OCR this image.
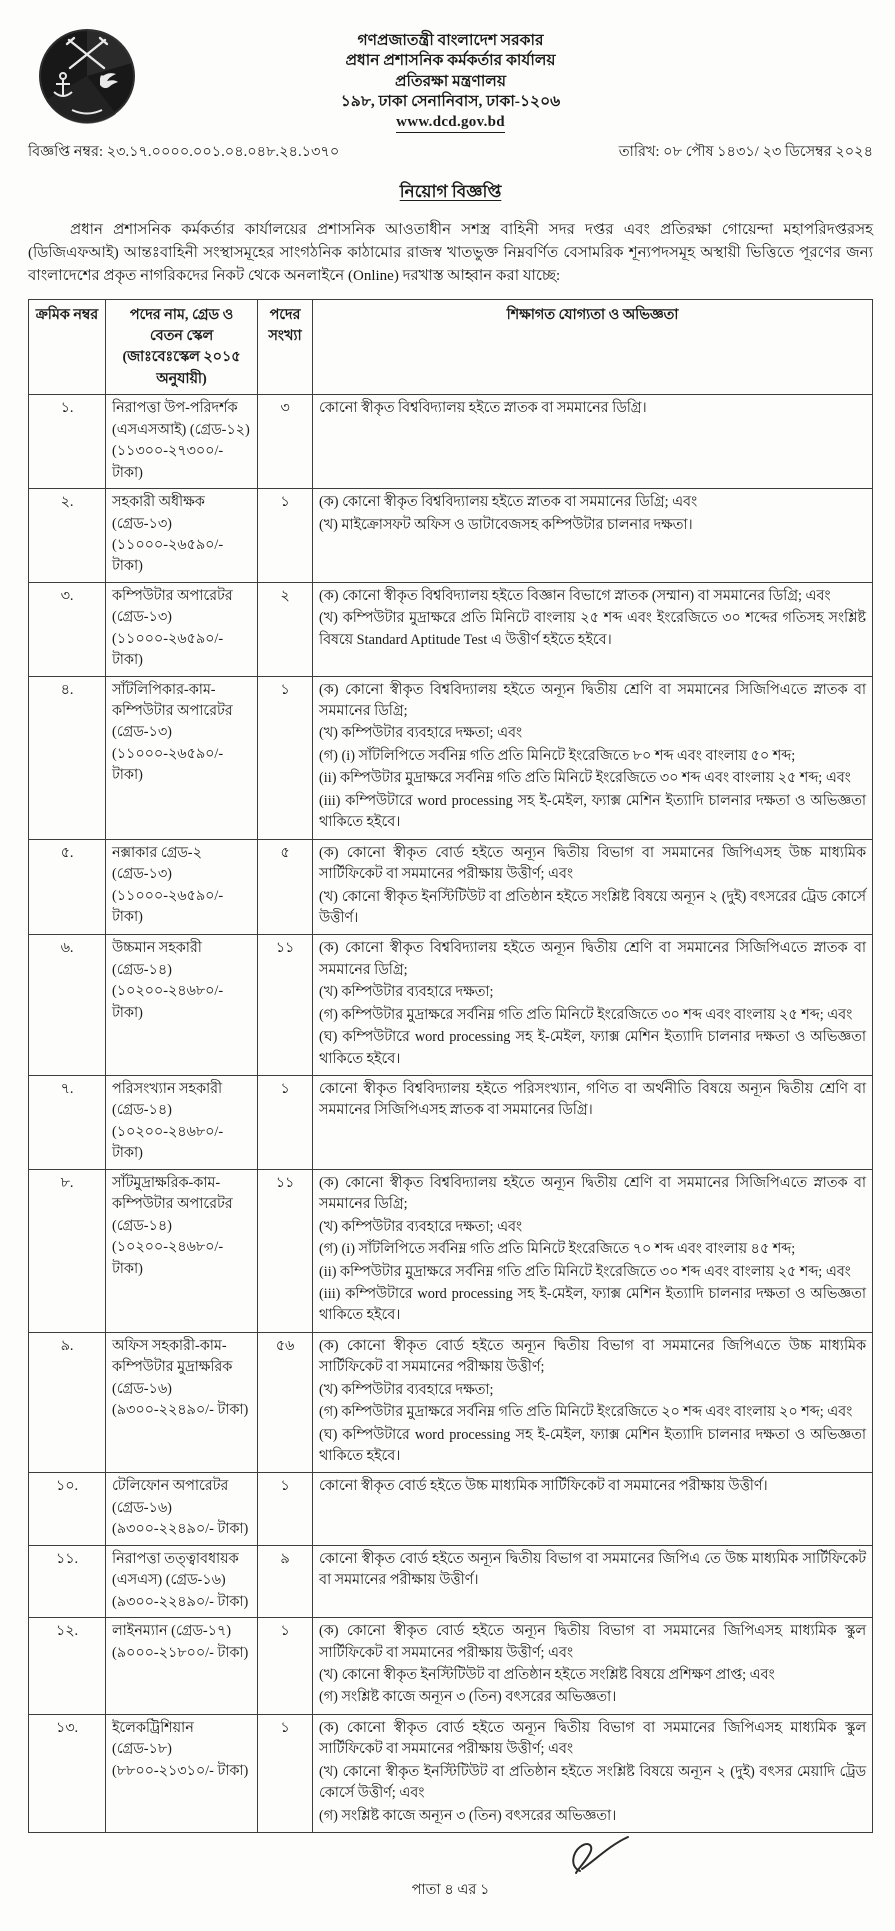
গণপ্রজাতন্ত্রী বাংলাদেশ সরকার
প্রধান প্রশাসনিক কর্মকর্তার কার্যালয়
প্রতিরক্ষা মন্ত্রণালয়
১৯৮, ঢাকা সেনানিবাস, ঢাকা-১২০৬
www.dcd.gov.bd
বিজ্ঞপ্তি নম্বর: ২৩.১৭.০০০০.০০১.০৪.০৪৮.২৪.১৩৭০	তারিখ: ০৮ পৌষ ১৪৩১/ ২৩ ডিসেম্বর ২০২৪
নিয়োগ বিজ্ঞপ্তি

প্রধান প্রশাসনিক কর্মকর্তার কার্যালয়ের প্রশাসনিক আওতাধীন সশস্ত্র বাহিনী সদর দপ্তর এবং প্রতিরক্ষা গোয়েন্দা মহাপরিদপ্তরসহ (ডিজিএফআই) আন্তঃবাহিনী সংস্থাসমূহের সাংগঠনিক কাঠামোর রাজস্ব খাতভুক্ত নিম্নবর্ণিত বেসামরিক শূন্যপদসমূহ অস্থায়ী ভিত্তিতে পূরণের জন্য বাংলাদেশের প্রকৃত নাগরিকদের নিকট থেকে অনলাইনে (Online) দরখাস্ত আহ্বান করা যাচ্ছে:

ক্রমিক নম্বর	পদের নাম, গ্রেড ও বেতন স্কেল (জাঃবেঃস্কেল ২০১৫ অনুযায়ী)	পদের সংখ্যা	শিক্ষাগত যোগ্যতা ও অভিজ্ঞতা
১.	নিরাপত্তা উপ-পরিদর্শক (এসএসআই) (গ্রেড-১২) (১১৩০০-২৭৩০০/- টাকা)	৩	কোনো স্বীকৃত বিশ্ববিদ্যালয় হইতে স্নাতক বা সমমানের ডিগ্রি।

২.	সহকারী অধীক্ষক (গ্রেড-১৩) (১১০০০-২৬৫৯০/- টাকা)	১	(ক) কোনো স্বীকৃত বিশ্ববিদ্যালয় হইতে স্নাতক বা সমমানের ডিগ্রি; এবং
(খ) মাইক্রোসফট অফিস ও ডাটাবেজসহ কম্পিউটার চালনার দক্ষতা।

৩.	কম্পিউটার অপারেটর (গ্রেড-১৩) (১১০০০-২৬৫৯০/- টাকা)	২	(ক) কোনো স্বীকৃত বিশ্ববিদ্যালয় হইতে বিজ্ঞান বিভাগে স্নাতক (সম্মান) বা সমমানের ডিগ্রি; এবং
(খ) কম্পিউটার মুদ্রাক্ষরে প্রতি মিনিটে বাংলায় ২৫ শব্দ এবং ইংরেজিতে ৩০ শব্দের গতিসহ সংশ্লিষ্ট বিষয়ে Standard Aptitude Test এ উত্তীর্ণ হইতে হইবে।

৪.	সাঁটলিপিকার-কাম-কম্পিউটার অপারেটর (গ্রেড-১৩) (১১০০০-২৬৫৯০/- টাকা)	১	(ক) কোনো স্বীকৃত বিশ্ববিদ্যালয় হইতে অন্যূন দ্বিতীয় শ্রেণি বা সমমানের সিজিপিএতে স্নাতক বা সমমানের ডিগ্রি;
(খ) কম্পিউটার ব্যবহারে দক্ষতা; এবং
(গ) (i) সাঁটলিপিতে সর্বনিম্ন গতি প্রতি মিনিটে ইংরেজিতে ৮০ শব্দ এবং বাংলায় ৫০ শব্দ;
(ii) কম্পিউটার মুদ্রাক্ষরে সর্বনিম্ন গতি প্রতি মিনিটে ইংরেজিতে ৩০ শব্দ এবং বাংলায় ২৫ শব্দ; এবং
(iii) কম্পিউটারে word processing সহ ই-মেইল, ফ্যাক্স মেশিন ইত্যাদি চালনার দক্ষতা ও অভিজ্ঞতা থাকিতে হইবে।

৫.	নক্সাকার গ্রেড-২ (গ্রেড-১৩) (১১০০০-২৬৫৯০/- টাকা)	৫	(ক) কোনো স্বীকৃত বোর্ড হইতে অন্যূন দ্বিতীয় বিভাগ বা সমমানের জিপিএসহ উচ্চ মাধ্যমিক সার্টিফিকেট বা সমমানের পরীক্ষায় উত্তীর্ণ; এবং
(খ) কোনো স্বীকৃত ইনস্টিটিউট বা প্রতিষ্ঠান হইতে সংশ্লিষ্ট বিষয়ে অন্যূন ২ (দুই) বৎসরের ট্রেড কোর্সে উত্তীর্ণ।

৬.	উচ্চমান সহকারী (গ্রেড-১৪) (১০২০০-২৪৬৮০/- টাকা)	১১	(ক) কোনো স্বীকৃত বিশ্ববিদ্যালয় হইতে অন্যূন দ্বিতীয় শ্রেণি বা সমমানের সিজিপিএতে স্নাতক বা সমমানের ডিগ্রি;
(খ) কম্পিউটার ব্যবহারে দক্ষতা;
(গ) কম্পিউটার মুদ্রাক্ষরে সর্বনিম্ন গতি প্রতি মিনিটে ইংরেজিতে ৩০ শব্দ এবং বাংলায় ২৫ শব্দ; এবং
(ঘ) কম্পিউটারে word processing সহ ই-মেইল, ফ্যাক্স মেশিন ইত্যাদি চালনার দক্ষতা ও অভিজ্ঞতা থাকিতে হইবে।

৭.	পরিসংখ্যান সহকারী (গ্রেড-১৪) (১০২০০-২৪৬৮০/- টাকা)	১	কোনো স্বীকৃত বিশ্ববিদ্যালয় হইতে পরিসংখ্যান, গণিত বা অর্থনীতি বিষয়ে অন্যূন দ্বিতীয় শ্রেণি বা সমমানের সিজিপিএসহ স্নাতক বা সমমানের ডিগ্রি।

৮.	সাঁটমুদ্রাক্ষরিক-কাম-কম্পিউটার অপারেটর (গ্রেড-১৪) (১০২০০-২৪৬৮০/- টাকা)	১১	(ক) কোনো স্বীকৃত বিশ্ববিদ্যালয় হইতে অন্যূন দ্বিতীয় শ্রেণি বা সমমানের সিজিপিএতে স্নাতক বা সমমানের ডিগ্রি;
(খ) কম্পিউটার ব্যবহারে দক্ষতা; এবং
(গ) (i) সাঁটলিপিতে সর্বনিম্ন গতি প্রতি মিনিটে ইংরেজিতে ৭০ শব্দ এবং বাংলায় ৪৫ শব্দ;
(ii) কম্পিউটার মুদ্রাক্ষরে সর্বনিম্ন গতি প্রতি মিনিটে ইংরেজিতে ৩০ শব্দ এবং বাংলায় ২৫ শব্দ; এবং
(iii) কম্পিউটারে word processing সহ ই-মেইল, ফ্যাক্স মেশিন ইত্যাদি চালনার দক্ষতা ও অভিজ্ঞতা থাকিতে হইবে।

৯.	অফিস সহকারী-কাম-কম্পিউটার মুদ্রাক্ষরিক (গ্রেড-১৬) (৯৩০০-২২৪৯০/- টাকা)	৫৬	(ক) কোনো স্বীকৃত বোর্ড হইতে অন্যূন দ্বিতীয় বিভাগ বা সমমানের জিপিএতে উচ্চ মাধ্যমিক সার্টিফিকেট বা সমমানের পরীক্ষায় উত্তীর্ণ;
(খ) কম্পিউটার ব্যবহারে দক্ষতা;
(গ) কম্পিউটার মুদ্রাক্ষরে সর্বনিম্ন গতি প্রতি মিনিটে ইংরেজিতে ২০ শব্দ এবং বাংলায় ২০ শব্দ; এবং
(ঘ) কম্পিউটারে word processing সহ ই-মেইল, ফ্যাক্স মেশিন ইত্যাদি চালনার দক্ষতা ও অভিজ্ঞতা থাকিতে হইবে।

১০.	টেলিফোন অপারেটর (গ্রেড-১৬) (৯৩০০-২২৪৯০/- টাকা)	১	কোনো স্বীকৃত বোর্ড হইতে উচ্চ মাধ্যমিক সার্টিফিকেট বা সমমানের পরীক্ষায় উত্তীর্ণ।

১১.	নিরাপত্তা তত্ত্বাবধায়ক (এসএস) (গ্রেড-১৬) (৯৩০০-২২৪৯০/- টাকা)	৯	কোনো স্বীকৃত বোর্ড হইতে অন্যূন দ্বিতীয় বিভাগ বা সমমানের জিপিএ তে উচ্চ মাধ্যমিক সার্টিফিকেট বা সমমানের পরীক্ষায় উত্তীর্ণ।

১২.	লাইনম্যান (গ্রেড-১৭) (৯০০০-২১৮০০/- টাকা)	১	(ক) কোনো স্বীকৃত বোর্ড হইতে অন্যূন দ্বিতীয় বিভাগ বা সমমানের জিপিএসহ মাধ্যমিক স্কুল সার্টিফিকেট বা সমমানের পরীক্ষায় উত্তীর্ণ; এবং
(খ) কোনো স্বীকৃত ইনস্টিটিউট বা প্রতিষ্ঠান হইতে সংশ্লিষ্ট বিষয়ে প্রশিক্ষণ প্রাপ্ত; এবং
(গ) সংশ্লিষ্ট কাজে অন্যূন ৩ (তিন) বৎসরের অভিজ্ঞতা।

১৩.	ইলেকট্রিশিয়ান (গ্রেড-১৮) (৮৮০০-২১৩১০/- টাকা)	১	(ক) কোনো স্বীকৃত বোর্ড হইতে অন্যূন দ্বিতীয় বিভাগ বা সমমানের জিপিএসহ মাধ্যমিক স্কুল সার্টিফিকেট বা সমমানের পরীক্ষায় উত্তীর্ণ; এবং
(খ) কোনো স্বীকৃত ইনস্টিটিউট বা প্রতিষ্ঠান হইতে সংশ্লিষ্ট বিষয়ে অন্যূন ২ (দুই) বৎসর মেয়াদি ট্রেড কোর্সে উত্তীর্ণ; এবং
(গ) সংশ্লিষ্ট কাজে অন্যূন ৩ (তিন) বৎসরের অভিজ্ঞতা।
পাতা ৪ এর ১
